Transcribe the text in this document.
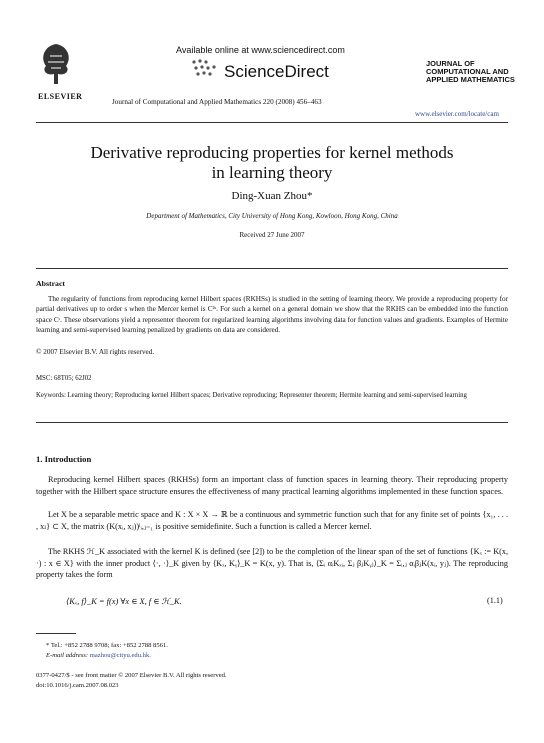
ELSEVIER
Available online at www.sciencedirect.com
ScienceDirect
Journal of Computational and Applied Mathematics 220 (2008) 456–463
JOURNAL OF
COMPUTATIONAL AND
APPLIED MATHEMATICS
www.elsevier.com/locate/cam
Derivative reproducing properties for kernel methods
in learning theory
Ding-Xuan Zhou*
Department of Mathematics, City University of Hong Kong, Kowloon, Hong Kong, China
Received 27 June 2007
Abstract
The regularity of functions from reproducing kernel Hilbert spaces (RKHSs) is studied in the setting of learning theory. We provide a reproducing property for partial derivatives up to order s when the Mercer kernel is C²ˢ. For such a kernel on a general domain we show that the RKHS can be embedded into the function space Cˢ. These observations yield a representer theorem for regularized learning algorithms involving data for function values and gradients. Examples of Hermite learning and semi-supervised learning penalized by gradients on data are considered.
© 2007 Elsevier B.V. All rights reserved.
MSC: 68T05; 62J02
Keywords: Learning theory; Reproducing kernel Hilbert spaces; Derivative reproducing; Representer theorem; Hermite learning and semi-supervised learning
1. Introduction
Reproducing kernel Hilbert spaces (RKHSs) form an important class of function spaces in learning theory. Their reproducing property together with the Hilbert space structure ensures the effectiveness of many practical learning algorithms implemented in these function spaces.
Let X be a separable metric space and K : X × X → ℝ be a continuous and symmetric function such that for any finite set of points {x₁, . . . , xₗ} ⊂ X, the matrix (K(xᵢ, xⱼ))ˡᵢ,ⱼ₌₁ is positive semidefinite. Such a function is called a Mercer kernel.
The RKHS ℋ_K associated with the kernel K is defined (see [2]) to be the completion of the linear span of the set of functions {Kₓ := K(x, ·) : x ∈ X} with the inner product ⟨·, ·⟩_K given by ⟨Kₓ, Kᵧ⟩_K = K(x, y). That is, ⟨Σᵢ αᵢKₓᵢ, Σⱼ βⱼKᵧⱼ⟩_K = Σᵢ,ⱼ αᵢβⱼK(xᵢ, yⱼ). The reproducing property takes the form
⟨Kₓ, f⟩_K = f(x) ∀x ∈ X, f ∈ ℋ_K.	(1.1)
* Tel.: +852 2788 9708; fax: +852 2788 8561.
E-mail address: mazhou@cityu.edu.hk.
0377-0427/$ - see front matter © 2007 Elsevier B.V. All rights reserved.
doi:10.1016/j.cam.2007.08.023
